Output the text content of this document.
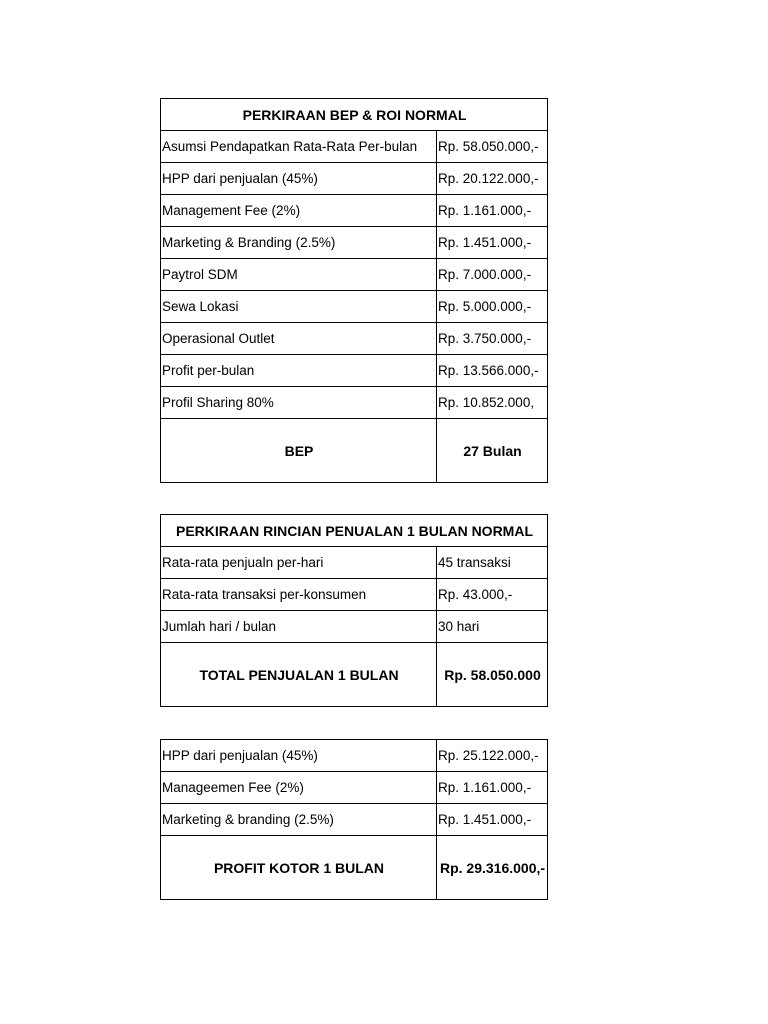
PERKIRAAN BEP & ROI NORMAL	
Asumsi Pendapatkan Rata-Rata Per-bulan	Rp. 58.050.000,-
HPP dari penjualan (45%)	Rp. 20.122.000,-
Management Fee (2%)	Rp. 1.161.000,-
Marketing & Branding (2.5%)	Rp. 1.451.000,-
Paytrol SDM	Rp. 7.000.000,-
Sewa Lokasi	Rp. 5.000.000,-
Operasional Outlet	Rp. 3.750.000,-
Profit per-bulan	Rp. 13.566.000,-
Profil Sharing 80%	Rp. 10.852.000,
BEP	27 Bulan
PERKIRAAN RINCIAN PENUALAN 1 BULAN NORMAL	
Rata-rata penjualn per-hari	45 transaksi
Rata-rata transaksi per-konsumen	Rp. 43.000,-
Jumlah hari / bulan	30 hari
TOTAL PENJUALAN 1 BULAN	Rp. 58.050.000
HPP dari penjualan (45%)	Rp. 25.122.000,-
Manageemen Fee (2%)	Rp. 1.161.000,-
Marketing & branding (2.5%)	Rp. 1.451.000,-
PROFIT KOTOR 1 BULAN	Rp. 29.316.000,-
